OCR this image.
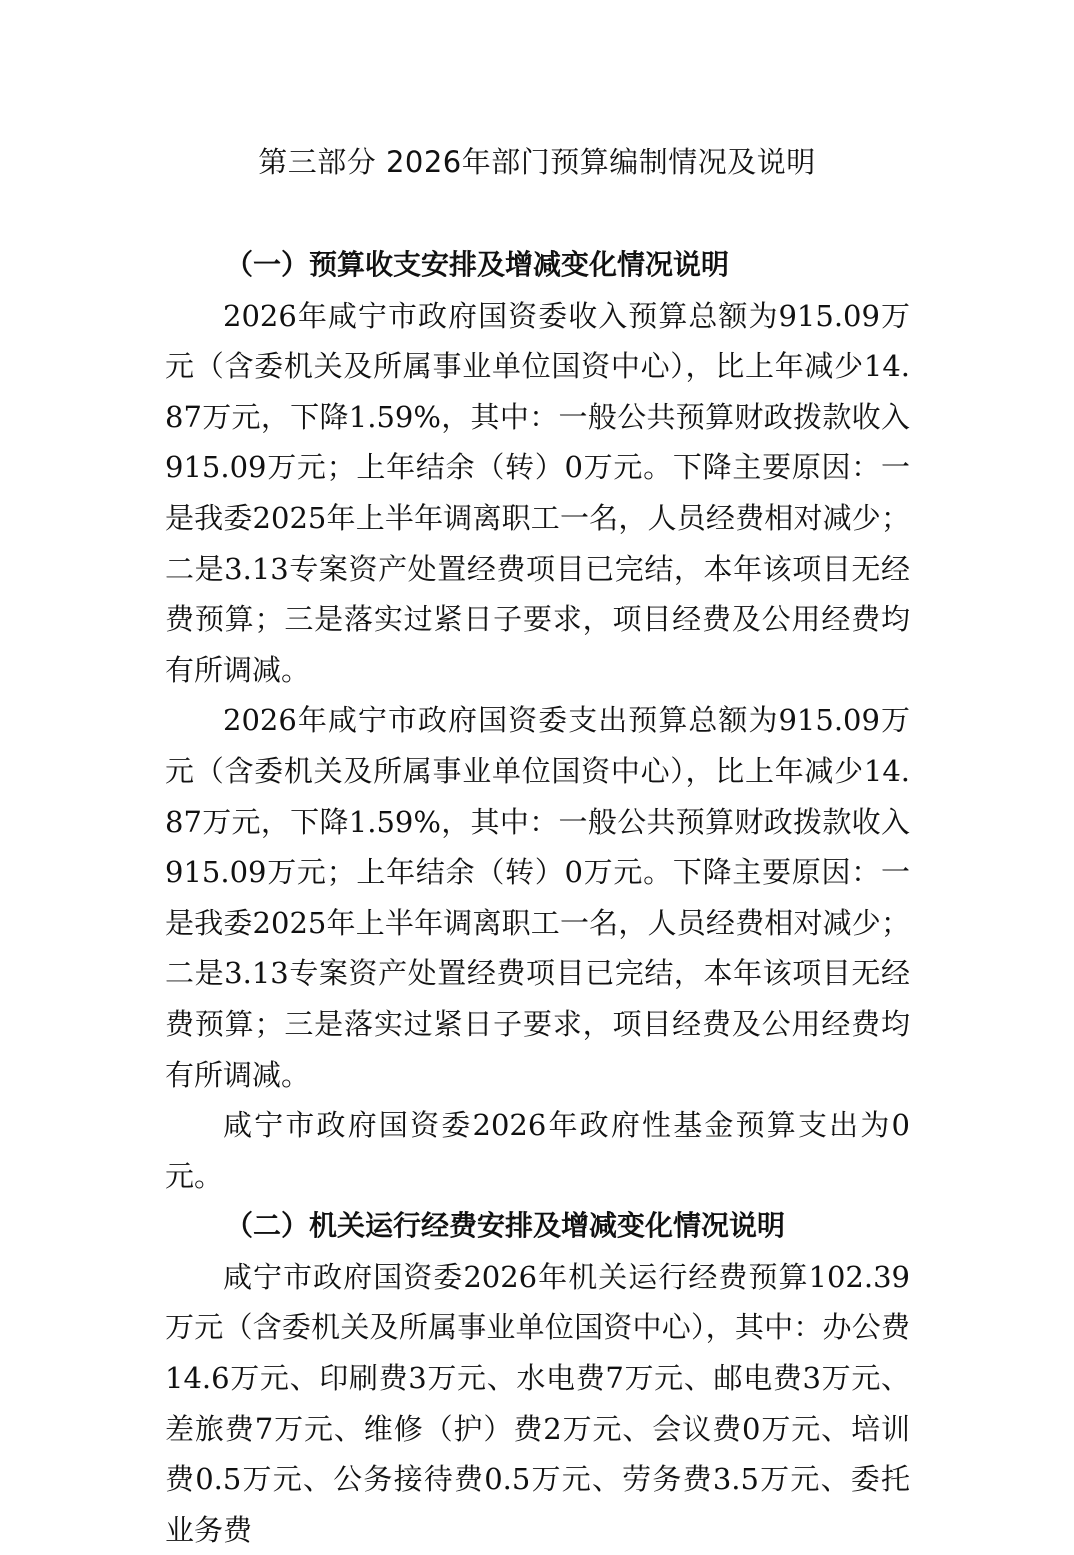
第三部分 2026年部门预算编制情况及说明
（一）预算收支安排及增减变化情况说明

2026年咸宁市政府国资委收入预算总额为915.09万元（含委机关及所属事业单位国资中心），比上年减少14.87万元，下降1.59%，其中：一般公共预算财政拨款收入915.09万元；上年结余（转）0万元。下降主要原因：一是我委2025年上半年调离职工一名，人员经费相对减少；二是3.13专案资产处置经费项目已完结，本年该项目无经费预算；三是落实过紧日子要求，项目经费及公用经费均有所调减。

2026年咸宁市政府国资委支出预算总额为915.09万元（含委机关及所属事业单位国资中心），比上年减少14.87万元，下降1.59%，其中：一般公共预算财政拨款收入915.09万元；上年结余（转）0万元。下降主要原因：一是我委2025年上半年调离职工一名，人员经费相对减少；二是3.13专案资产处置经费项目已完结，本年该项目无经费预算；三是落实过紧日子要求，项目经费及公用经费均有所调减。

咸宁市政府国资委2026年政府性基金预算支出为0元。

（二）机关运行经费安排及增减变化情况说明

咸宁市政府国资委2026年机关运行经费预算102.39万元（含委机关及所属事业单位国资中心），其中：办公费14.6万元、印刷费3万元、水电费7万元、邮电费3万元、差旅费7万元、维修（护）费2万元、会议费0万元、培训费0.5万元、公务接待费0.5万元、劳务费3.5万元、委托业务费
